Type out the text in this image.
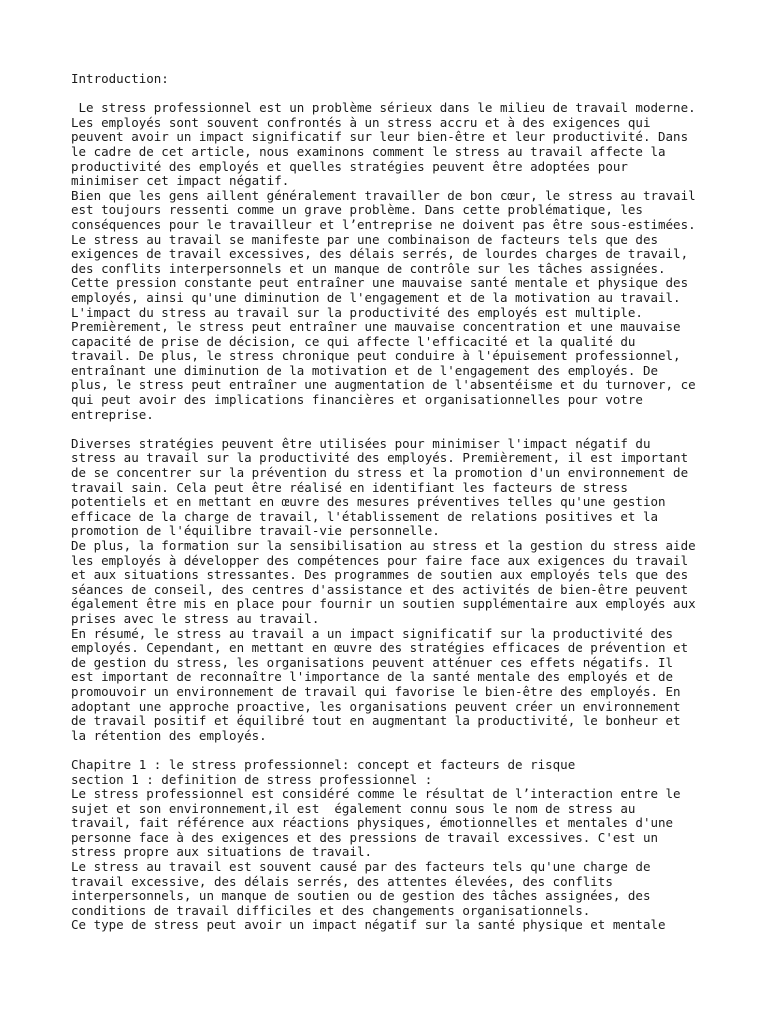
Introduction:
Le stress professionnel est un problème sérieux dans le milieu de travail moderne.
Les employés sont souvent confrontés à un stress accru et à des exigences qui
peuvent avoir un impact significatif sur leur bien-être et leur productivité. Dans
le cadre de cet article, nous examinons comment le stress au travail affecte la
productivité des employés et quelles stratégies peuvent être adoptées pour
minimiser cet impact négatif.
Bien que les gens aillent généralement travailler de bon cœur, le stress au travail
est toujours ressenti comme un grave problème. Dans cette problématique, les
conséquences pour le travailleur et l’entreprise ne doivent pas être sous-estimées.
Le stress au travail se manifeste par une combinaison de facteurs tels que des
exigences de travail excessives, des délais serrés, de lourdes charges de travail,
des conflits interpersonnels et un manque de contrôle sur les tâches assignées.
Cette pression constante peut entraîner une mauvaise santé mentale et physique des
employés, ainsi qu'une diminution de l'engagement et de la motivation au travail.
L'impact du stress au travail sur la productivité des employés est multiple.
Premièrement, le stress peut entraîner une mauvaise concentration et une mauvaise
capacité de prise de décision, ce qui affecte l'efficacité et la qualité du
travail. De plus, le stress chronique peut conduire à l'épuisement professionnel,
entraînant une diminution de la motivation et de l'engagement des employés. De
plus, le stress peut entraîner une augmentation de l'absentéisme et du turnover, ce
qui peut avoir des implications financières et organisationnelles pour votre
entreprise.
Diverses stratégies peuvent être utilisées pour minimiser l'impact négatif du
stress au travail sur la productivité des employés. Premièrement, il est important
de se concentrer sur la prévention du stress et la promotion d'un environnement de
travail sain. Cela peut être réalisé en identifiant les facteurs de stress
potentiels et en mettant en œuvre des mesures préventives telles qu'une gestion
efficace de la charge de travail, l'établissement de relations positives et la
promotion de l'équilibre travail-vie personnelle.
De plus, la formation sur la sensibilisation au stress et la gestion du stress aide
les employés à développer des compétences pour faire face aux exigences du travail
et aux situations stressantes. Des programmes de soutien aux employés tels que des
séances de conseil, des centres d'assistance et des activités de bien-être peuvent
également être mis en place pour fournir un soutien supplémentaire aux employés aux
prises avec le stress au travail.
En résumé, le stress au travail a un impact significatif sur la productivité des
employés. Cependant, en mettant en œuvre des stratégies efficaces de prévention et
de gestion du stress, les organisations peuvent atténuer ces effets négatifs. Il
est important de reconnaître l'importance de la santé mentale des employés et de
promouvoir un environnement de travail qui favorise le bien-être des employés. En
adoptant une approche proactive, les organisations peuvent créer un environnement
de travail positif et équilibré tout en augmentant la productivité, le bonheur et
la rétention des employés.
Chapitre 1 : le stress professionnel: concept et facteurs de risque
section 1 : definition de stress professionnel :
Le stress professionnel est considéré comme le résultat de l’interaction entre le
sujet et son environnement,il est  également connu sous le nom de stress au
travail, fait référence aux réactions physiques, émotionnelles et mentales d'une
personne face à des exigences et des pressions de travail excessives. C'est un
stress propre aux situations de travail.
Le stress au travail est souvent causé par des facteurs tels qu'une charge de
travail excessive, des délais serrés, des attentes élevées, des conflits
interpersonnels, un manque de soutien ou de gestion des tâches assignées, des
conditions de travail difficiles et des changements organisationnels.
Ce type de stress peut avoir un impact négatif sur la santé physique et mentale
